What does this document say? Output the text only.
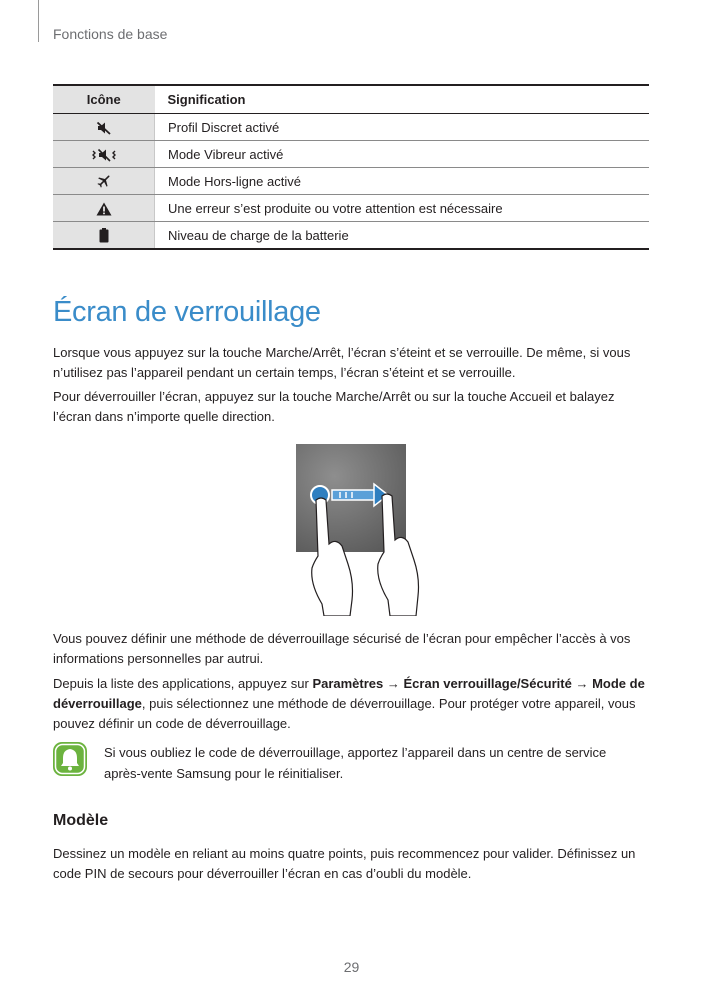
Fonctions de base
Icône	Signification
	Profil Discret activé
	Mode Vibreur activé
	Mode Hors-ligne activé
	Une erreur s’est produite ou votre attention est nécessaire
	Niveau de charge de la batterie
Écran de verrouillage

Lorsque vous appuyez sur la touche Marche/Arrêt, l’écran s’éteint et se verrouille. De même, si vous n’utilisez pas l’appareil pendant un certain temps, l’écran s’éteint et se verrouille.

Pour déverrouiller l’écran, appuyez sur la touche Marche/Arrêt ou sur la touche Accueil et balayez l’écran dans n’importe quelle direction.

Vous pouvez définir une méthode de déverrouillage sécurisé de l’écran pour empêcher l’accès à vos informations personnelles par autrui.

Depuis la liste des applications, appuyez sur Paramètres → Écran verrouillage/Sécurité → Mode de déverrouillage, puis sélectionnez une méthode de déverrouillage. Pour protéger votre appareil, vous pouvez définir un code de déverrouillage.

Si vous oubliez le code de déverrouillage, apportez l’appareil dans un centre de service après-vente Samsung pour le réinitialiser.

Modèle

Dessinez un modèle en reliant au moins quatre points, puis recommencez pour valider. Définissez un code PIN de secours pour déverrouiller l’écran en cas d’oubli du modèle.

29
